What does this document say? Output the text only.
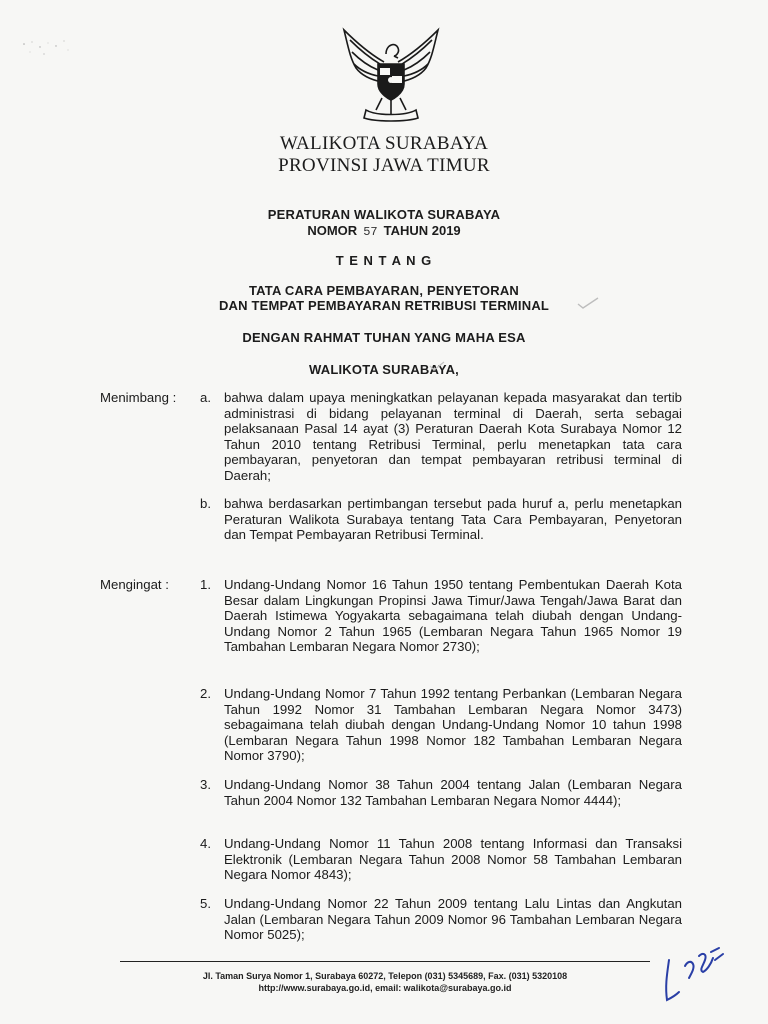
WALIKOTA SURABAYA
PROVINSI JAWA TIMUR
PERATURAN WALIKOTA SURABAYA
NOMOR 57 TAHUN 2019
T E N T A N G
TATA CARA PEMBAYARAN, PENYETORAN
DAN TEMPAT PEMBAYARAN RETRIBUSI TERMINAL
DENGAN RAHMAT TUHAN YANG MAHA ESA
WALIKOTA SURABAYA,
Menimbang : a. bahwa dalam upaya meningkatkan pelayanan kepada masyarakat dan tertib administrasi di bidang pelayanan terminal di Daerah, serta sebagai pelaksanaan Pasal 14 ayat (3) Peraturan Daerah Kota Surabaya Nomor 12 Tahun 2010 tentang Retribusi Terminal, perlu menetapkan tata cara pembayaran, penyetoran dan tempat pembayaran retribusi terminal di Daerah;
b. bahwa berdasarkan pertimbangan tersebut pada huruf a, perlu menetapkan Peraturan Walikota Surabaya tentang Tata Cara Pembayaran, Penyetoran dan Tempat Pembayaran Retribusi Terminal.
Mengingat : 1. Undang-Undang Nomor 16 Tahun 1950 tentang Pembentukan Daerah Kota Besar dalam Lingkungan Propinsi Jawa Timur/Jawa Tengah/Jawa Barat dan Daerah Istimewa Yogyakarta sebagaimana telah diubah dengan Undang-Undang Nomor 2 Tahun 1965 (Lembaran Negara Tahun 1965 Nomor 19 Tambahan Lembaran Negara Nomor 2730);
2. Undang-Undang Nomor 7 Tahun 1992 tentang Perbankan (Lembaran Negara Tahun 1992 Nomor 31 Tambahan Lembaran Negara Nomor 3473) sebagaimana telah diubah dengan Undang-Undang Nomor 10 tahun 1998 (Lembaran Negara Tahun 1998 Nomor 182 Tambahan Lembaran Negara Nomor 3790);
3. Undang-Undang Nomor 38 Tahun 2004 tentang Jalan (Lembaran Negara Tahun 2004 Nomor 132 Tambahan Lembaran Negara Nomor 4444);
4. Undang-Undang Nomor 11 Tahun 2008 tentang Informasi dan Transaksi Elektronik (Lembaran Negara Tahun 2008 Nomor 58 Tambahan Lembaran Negara Nomor 4843);
5. Undang-Undang Nomor 22 Tahun 2009 tentang Lalu Lintas dan Angkutan Jalan (Lembaran Negara Tahun 2009 Nomor 96 Tambahan Lembaran Negara Nomor 5025);
Jl. Taman Surya Nomor 1, Surabaya 60272, Telepon (031) 5345689, Fax. (031) 5320108
http://www.surabaya.go.id, email: walikota@surabaya.go.id
